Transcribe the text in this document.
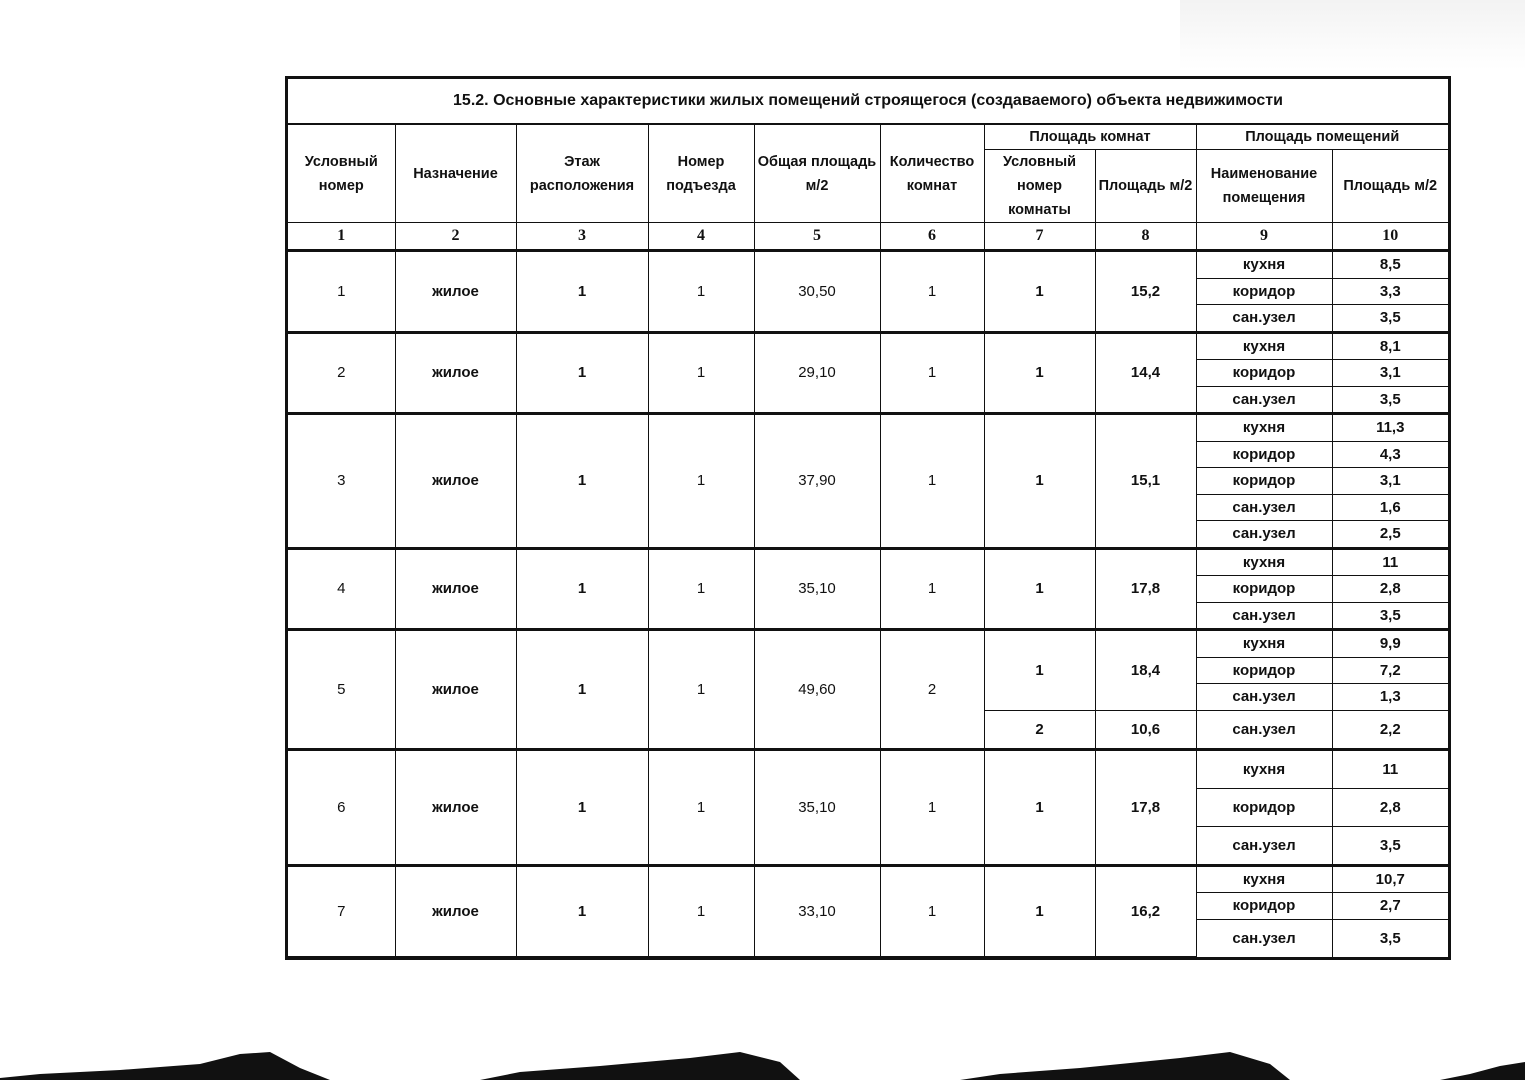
15.2. Основные характеристики жилых помещений строящегося (создаваемого) объекта недвижимости
Условный номер	Назначение	Этаж расположения	Номер подъезда	Общая площадь м/2	Количество комнат	Площадь комнат		Площадь помещений	
						Условный номер комнаты	Площадь м/2	Наименование помещения	Площадь м/2
1	2	3	4	5	6	7	8	9	10
1	жилое	1	1	30,50	1	1	15,2	кухня	8,5
								коридор	3,3
								сан.узел	3,5
2	жилое	1	1	29,10	1	1	14,4	кухня	8,1
								коридор	3,1
								сан.узел	3,5
3	жилое	1	1	37,90	1	1	15,1	кухня	11,3
								коридор	4,3
								коридор	3,1
								сан.узел	1,6
								сан.узел	2,5
4	жилое	1	1	35,10	1	1	17,8	кухня	11
								коридор	2,8
								сан.узел	3,5
5	жилое	1	1	49,60	2	1	18,4	кухня	9,9
								коридор	7,2
								сан.узел	1,3
						2	10,6	сан.узел	2,2
6	жилое	1	1	35,10	1	1	17,8	кухня	11
								коридор	2,8
								сан.узел	3,5
7	жилое	1	1	33,10	1	1	16,2	кухня	10,7
								коридор	2,7
								сан.узел	3,5
